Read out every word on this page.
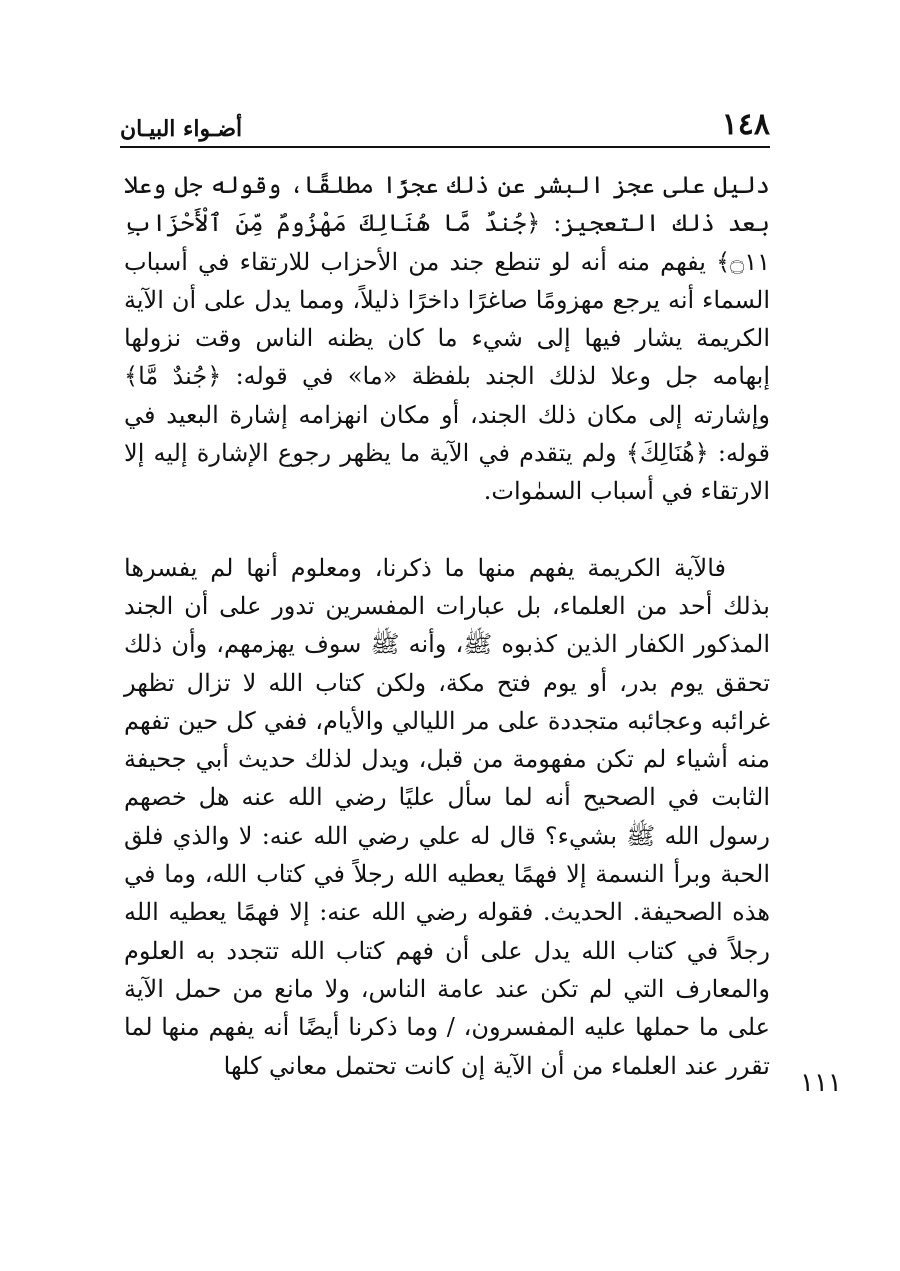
١٤٨
أضـواء البيـان

دليل على عجز البشر عن ذلك عجزًا مطلقًا، وقوله جل وعلا بعد ذلك التعجيز: ﴿جُندٌ مَّا هُنَالِكَ مَهْزُومٌ مِّنَ ٱلْأَحْزَابِ ۝١١﴾ يفهم منه أنه لو تنطع جند من الأحزاب للارتقاء في أسباب السماء أنه يرجع مهزومًا صاغرًا داخرًا ذليلاً، ومما يدل على أن الآية الكريمة يشار فيها إلى شيء ما كان يظنه الناس وقت نزولها إبهامه جل وعلا لذلك الجند بلفظة «ما» في قوله: ﴿جُندٌ مَّا﴾ وإشارته إلى مكان ذلك الجند، أو مكان انهزامه إشارة البعيد في قوله: ﴿هُنَالِكَ﴾ ولم يتقدم في الآية ما يظهر رجوع الإشارة إليه إلا الارتقاء في أسباب السمٰوات.

فالآية الكريمة يفهم منها ما ذكرنا، ومعلوم أنها لم يفسرها بذلك أحد من العلماء، بل عبارات المفسرين تدور على أن الجند المذكور الكفار الذين كذبوه ﷺ، وأنه ﷺ سوف يهزمهم، وأن ذلك تحقق يوم بدر، أو يوم فتح مكة، ولكن كتاب الله لا تزال تظهر غرائبه وعجائبه متجددة على مر الليالي والأيام، ففي كل حين تفهم منه أشياء لم تكن مفهومة من قبل، ويدل لذلك حديث أبي جحيفة الثابت في الصحيح أنه لما سأل عليًا رضي الله عنه هل خصهم رسول الله ﷺ بشيء؟ قال له علي رضي الله عنه: لا والذي فلق الحبة وبرأ النسمة إلا فهمًا يعطيه الله رجلاً في كتاب الله، وما في هذه الصحيفة. الحديث. فقوله رضي الله عنه: إلا فهمًا يعطيه الله رجلاً في كتاب الله يدل على أن فهم كتاب الله تتجدد به العلوم والمعارف التي لم تكن عند عامة الناس، ولا مانع من حمل الآية على ما حملها عليه المفسرون، / وما ذكرنا أيضًا أنه يفهم منها لما تقرر عند العلماء من أن الآية إن كانت تحتمل معاني كلها

١١١
